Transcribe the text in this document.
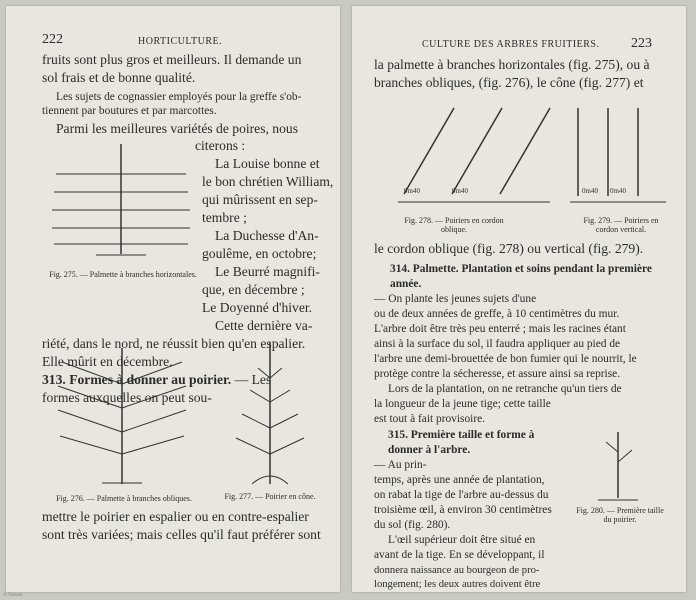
222	HORTICULTURE.
fruits sont plus gros et meilleurs. Il demande un
sol frais et de bonne qualité.
Les sujets de cognassier employés pour la greffe s'ob-
tiennent par boutures et par marcottes.
Parmi les meilleures variétés de poires, nous
citerons :
La Louise bonne et
le bon chrétien William,
qui mûrissent en sep-
tembre ;
La Duchesse d'An-
goulême, en octobre;
Le Beurré magnifi-
que, en décembre ;
Le Doyenné d'hiver.
Cette dernière va-
riété, dans le nord, ne réussit bien qu'en espalier.
Elle mûrit en décembre.
313. Formes à donner au poirier. — Les
formes auxquelles on peut sou-
Fig. 275. — Palmette à branches horizontales.
Fig. 276. — Palmette à branches obliques.	Fig. 277. — Poirier en cône.
mettre le poirier en espalier ou en contre-espalier
sont très variées; mais celles qu'il faut préférer sont
CULTURE DES ARBRES FRUITIERS. 223
la palmette à branches horizontales (fig. 275), ou à
branches obliques, (fig. 276), le cône (fig. 277) et
0m40	0m40
Fig. 278. — Poiriers en cordon oblique.
0m40 0m40
Fig. 279. — Poiriers en cordon vertical.
le cordon oblique (fig. 278) ou vertical (fig. 279).
314. Palmette. Plantation et soins pendant la première année.
— On plante les jeunes sujets d'une
ou de deux années de greffe, à 10 centimètres du mur.
L'arbre doit être très peu enterré ; mais les racines étant
ainsi à la surface du sol, il faudra appliquer au pied de
l'arbre une demi-brouettée de bon fumier qui le nourrit, le
protège contre la sécheresse, et assure ainsi sa reprise.
Lors de la plantation, on ne retranche qu'un tiers de
la longueur de la jeune tige; cette taille
est tout à fait provisoire.
315. Première taille et forme à donner à l'arbre.
— Au prin-
temps, après une année de plantation,
on rabat la tige de l'arbre au-dessus du
troisième œil, à environ 30 centimètres
du sol (fig. 280).
L'œil supérieur doit être situé en
avant de la tige. En se développant, il
donnera naissance au bourgeon de pro-
longement; les deux autres doivent être
Fig. 280. — Première taille du poirier.
© Viewer
